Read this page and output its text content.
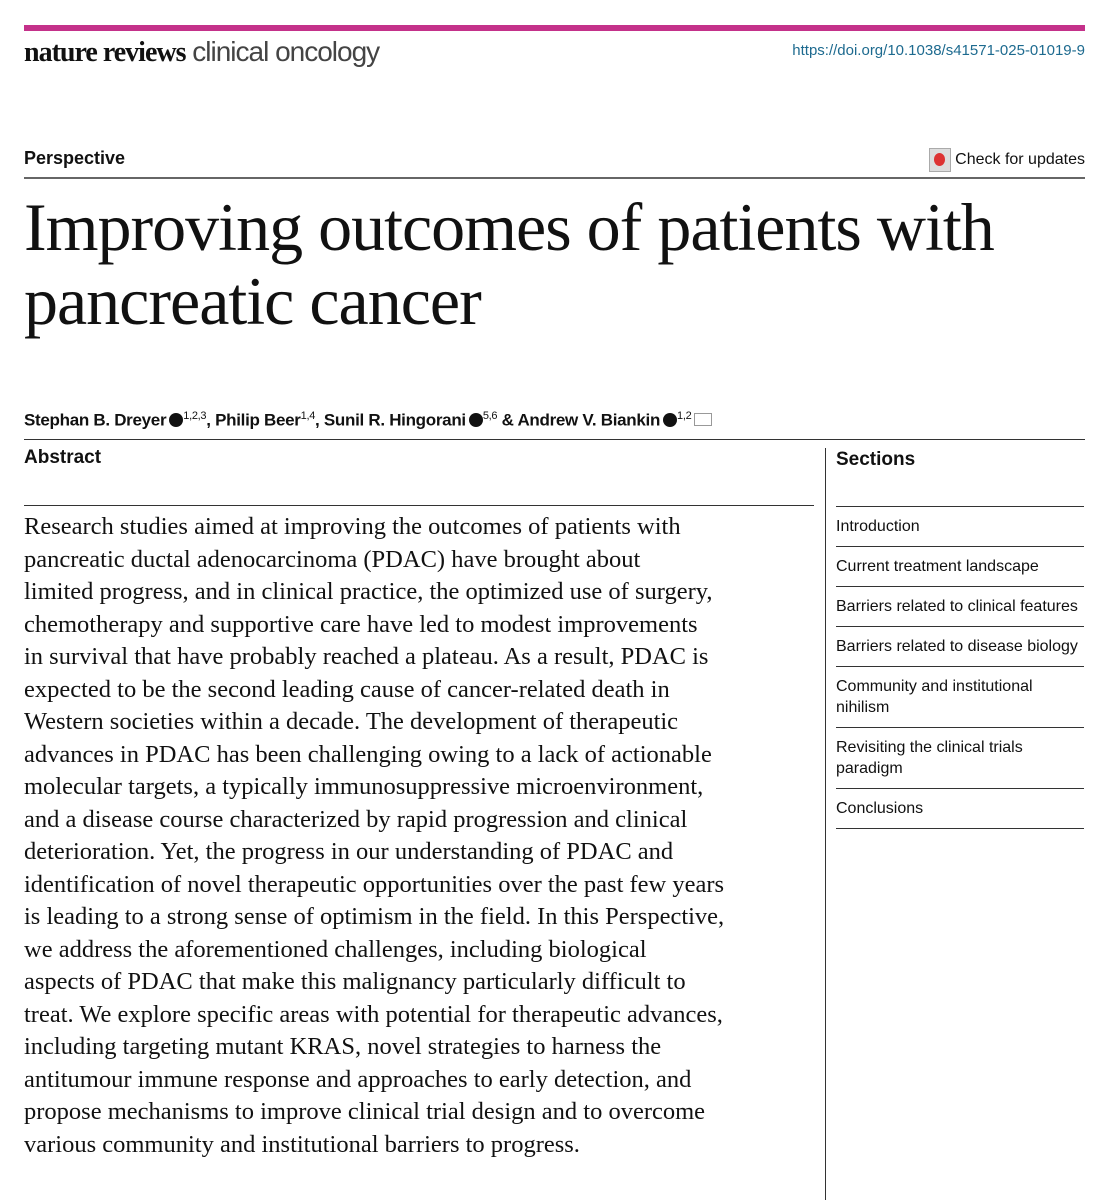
nature reviews clinical oncology	https://doi.org/10.1038/s41571-025-01019-9
Perspective	Check for updates
Improving outcomes of patients with pancreatic cancer
Stephan B. Dreyer $^{1,2,3}$, Philip Beer$^{1,4}$, Sunil R. Hingorani $^{5,6}$ & Andrew V. Biankin $^{1,2}$
Abstract
Research studies aimed at improving the outcomes of patients with
pancreatic ductal adenocarcinoma (PDAC) have brought about
limited progress, and in clinical practice, the optimized use of surgery,
chemotherapy and supportive care have led to modest improvements
in survival that have probably reached a plateau. As a result, PDAC is
expected to be the second leading cause of cancer-related death in
Western societies within a decade. The development of therapeutic
advances in PDAC has been challenging owing to a lack of actionable
molecular targets, a typically immunosuppressive microenvironment,
and a disease course characterized by rapid progression and clinical
deterioration. Yet, the progress in our understanding of PDAC and
identification of novel therapeutic opportunities over the past few years
is leading to a strong sense of optimism in the field. In this Perspective,
we address the aforementioned challenges, including biological
aspects of PDAC that make this malignancy particularly difficult to
treat. We explore specific areas with potential for therapeutic advances,
including targeting mutant KRAS, novel strategies to harness the
antitumour immune response and approaches to early detection, and
propose mechanisms to improve clinical trial design and to overcome
various community and institutional barriers to progress.
Sections
Introduction
Current treatment landscape
Barriers related to clinical features
Barriers related to disease biology
Community and institutional nihilism
Revisiting the clinical trials paradigm
Conclusions
